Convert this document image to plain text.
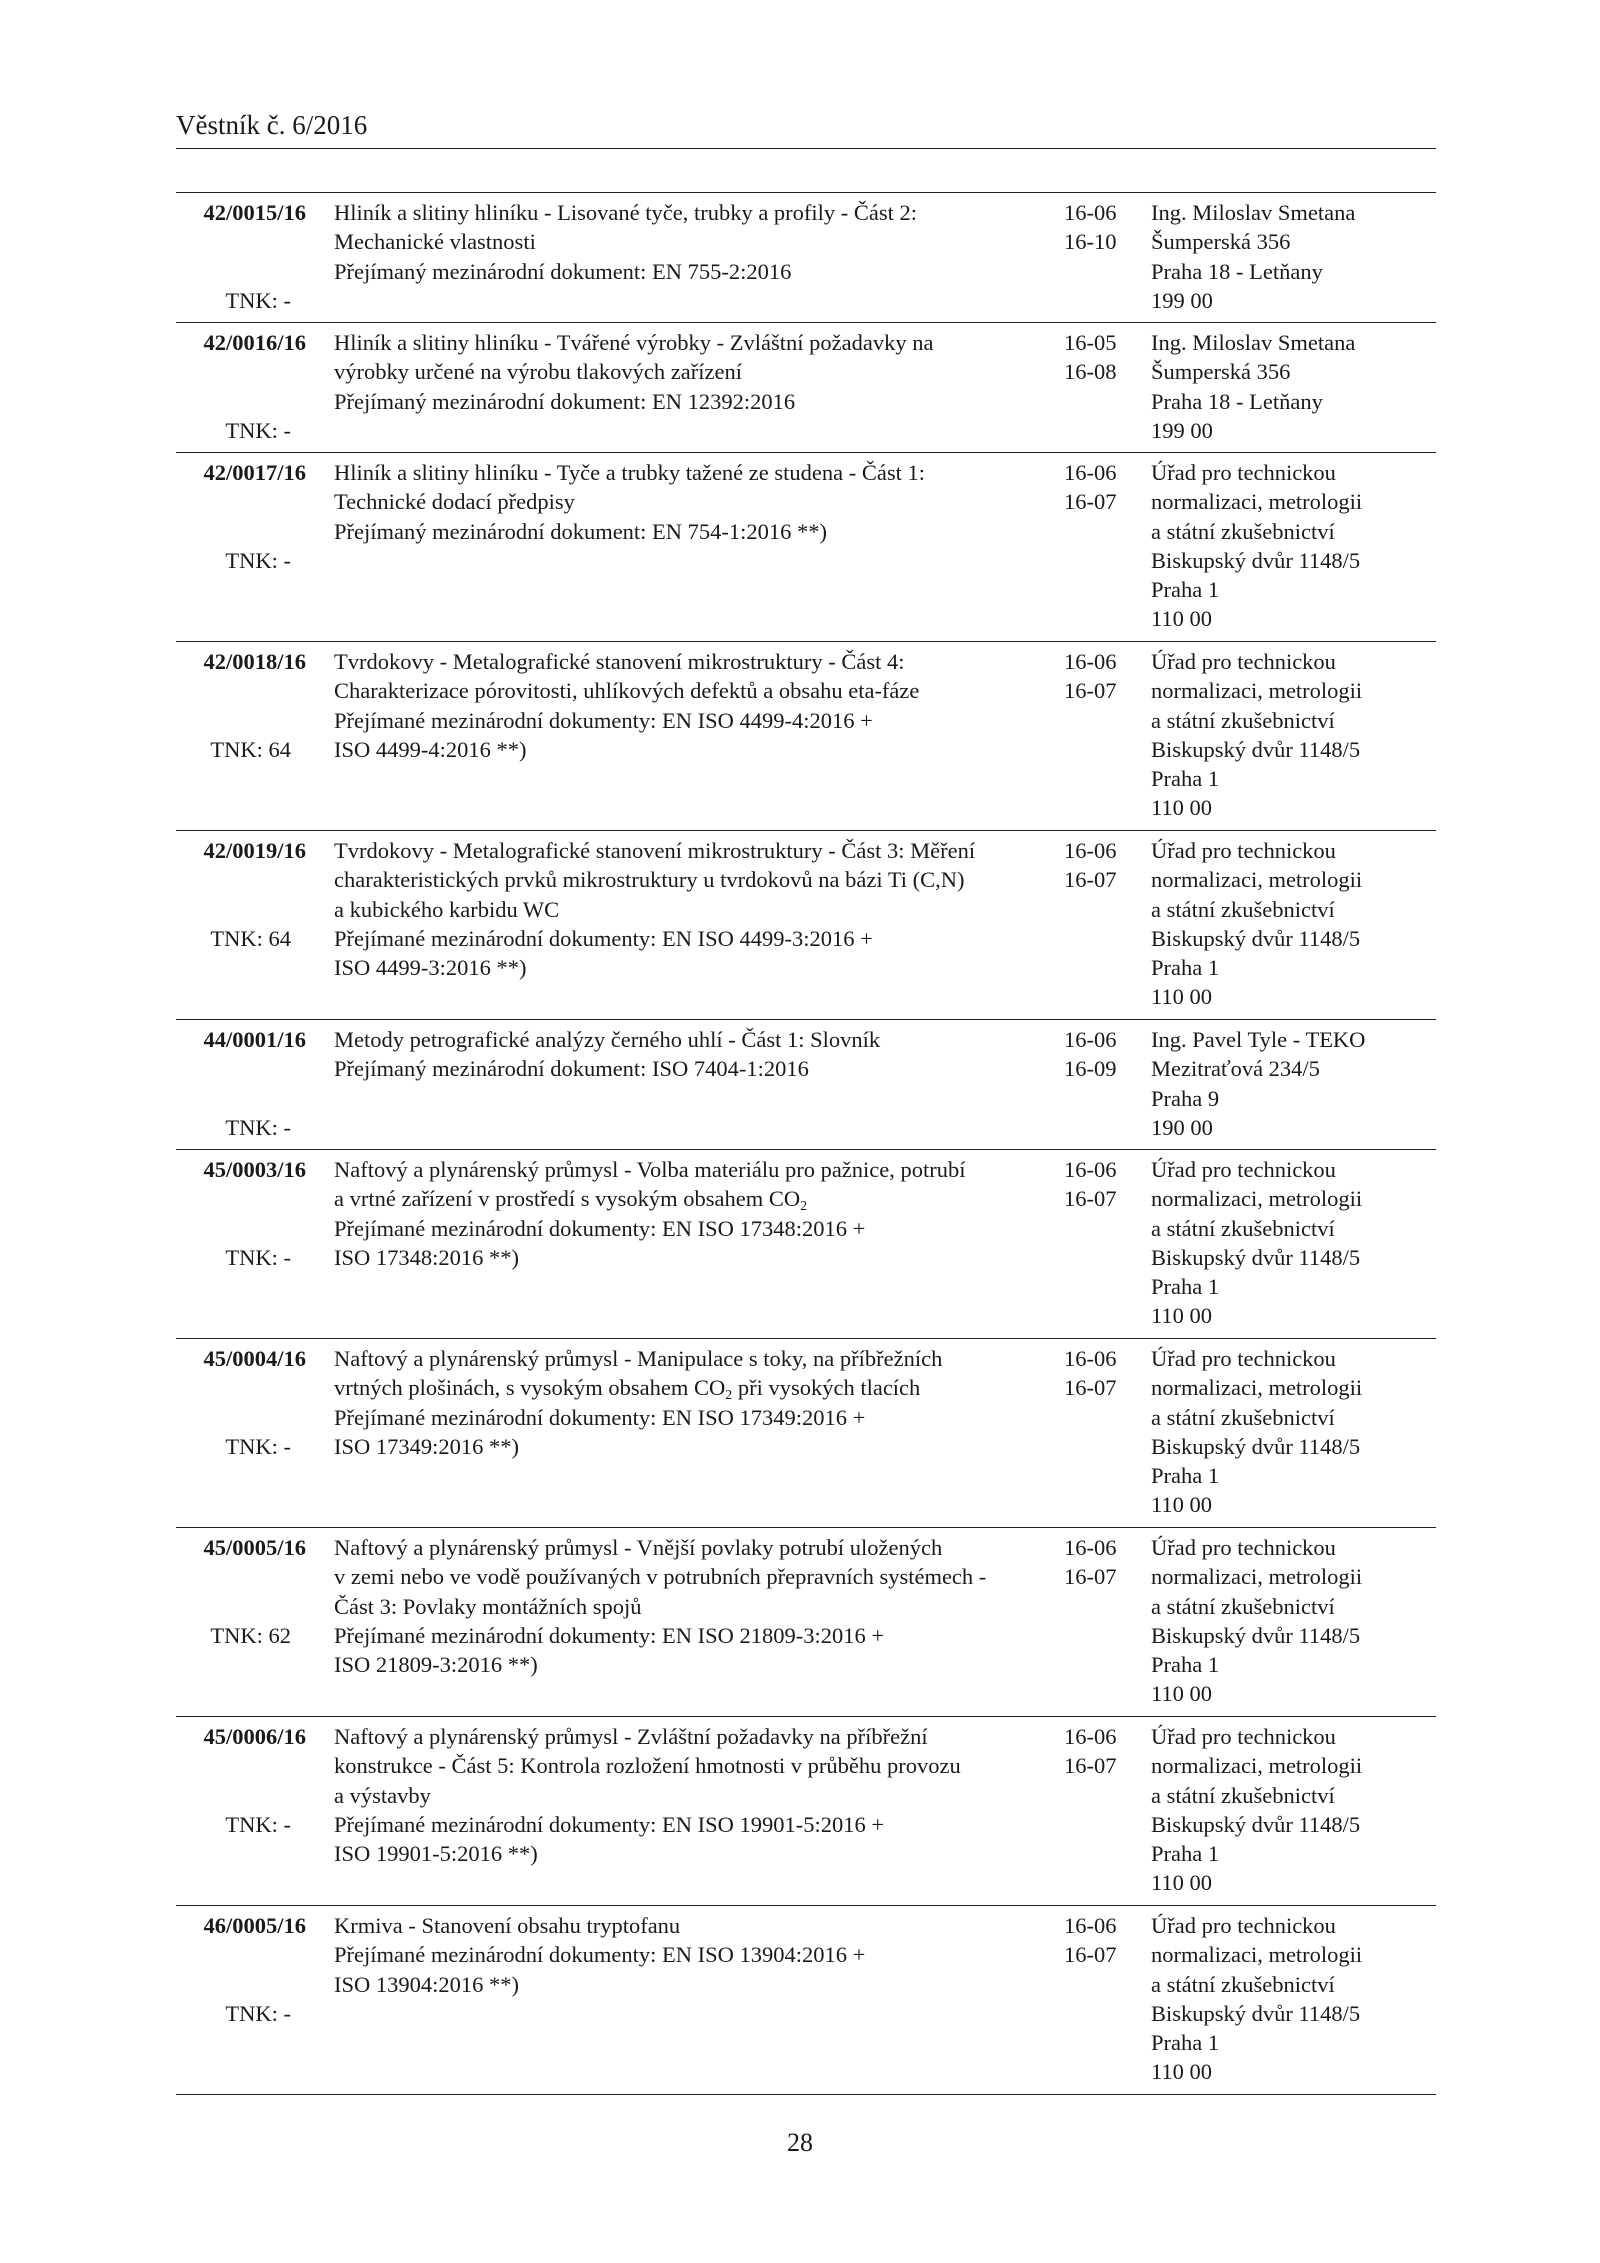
Věstník č. 6/2016
42/0015/16 Hliník a slitiny hliníku - Lisované tyče, trubky a profily - Část 2:
Mechanické vlastnosti
Přejímaný mezinárodní dokument: EN 755-2:2016
16-06
16-10
Ing. Miloslav Smetana
Šumperská 356
Praha 18 - Letňany
199 00
TNK: -
42/0016/16 Hliník a slitiny hliníku - Tvářené výrobky - Zvláštní požadavky na
výrobky určené na výrobu tlakových zařízení
Přejímaný mezinárodní dokument: EN 12392:2016
16-05
16-08
Ing. Miloslav Smetana
Šumperská 356
Praha 18 - Letňany
199 00
TNK: -
42/0017/16 Hliník a slitiny hliníku - Tyče a trubky tažené ze studena - Část 1:
Technické dodací předpisy
Přejímaný mezinárodní dokument: EN 754-1:2016 **)
16-06
16-07
Úřad pro technickou
normalizaci, metrologii
a státní zkušebnictví
Biskupský dvůr 1148/5
Praha 1
110 00
TNK: -
42/0018/16 Tvrdokovy - Metalografické stanovení mikrostruktury - Část 4:
Charakterizace pórovitosti, uhlíkových defektů a obsahu eta-fáze
Přejímané mezinárodní dokumenty: EN ISO 4499-4:2016 +
ISO 4499-4:2016 **)
16-06
16-07
Úřad pro technickou
normalizaci, metrologii
a státní zkušebnictví
Biskupský dvůr 1148/5
Praha 1
110 00
TNK: 64
42/0019/16 Tvrdokovy - Metalografické stanovení mikrostruktury - Část 3: Měření
charakteristických prvků mikrostruktury u tvrdokovů na bázi Ti (C,N)
a kubického karbidu WC
Přejímané mezinárodní dokumenty: EN ISO 4499-3:2016 +
ISO 4499-3:2016 **)
16-06
16-07
Úřad pro technickou
normalizaci, metrologii
a státní zkušebnictví
Biskupský dvůr 1148/5
Praha 1
110 00
TNK: 64
44/0001/16 Metody petrografické analýzy černého uhlí - Část 1: Slovník
Přejímaný mezinárodní dokument: ISO 7404-1:2016
16-06
16-09
Ing. Pavel Tyle - TEKO
Mezitraťová 234/5
Praha 9
190 00
TNK: -
45/0003/16 Naftový a plynárenský průmysl - Volba materiálu pro pažnice, potrubí
a vrtné zařízení v prostředí s vysokým obsahem $CO_2$
Přejímané mezinárodní dokumenty: EN ISO 17348:2016 +
ISO 17348:2016 **)
16-06
16-07
Úřad pro technickou
normalizaci, metrologii
a státní zkušebnictví
Biskupský dvůr 1148/5
Praha 1
110 00
TNK: -
45/0004/16 Naftový a plynárenský průmysl - Manipulace s toky, na příbřežních
vrtných plošinách, s vysokým obsahem $CO_2$ při vysokých tlacích
Přejímané mezinárodní dokumenty: EN ISO 17349:2016 +
ISO 17349:2016 **)
16-06
16-07
Úřad pro technickou
normalizaci, metrologii
a státní zkušebnictví
Biskupský dvůr 1148/5
Praha 1
110 00
TNK: -
45/0005/16 Naftový a plynárenský průmysl - Vnější povlaky potrubí uložených
v zemi nebo ve vodě používaných v potrubních přepravních systémech -
Část 3: Povlaky montážních spojů
Přejímané mezinárodní dokumenty: EN ISO 21809-3:2016 +
ISO 21809-3:2016 **)
16-06
16-07
Úřad pro technickou
normalizaci, metrologii
a státní zkušebnictví
Biskupský dvůr 1148/5
Praha 1
110 00
TNK: 62
45/0006/16 Naftový a plynárenský průmysl - Zvláštní požadavky na příbřežní
konstrukce - Část 5: Kontrola rozložení hmotnosti v průběhu provozu
a výstavby
Přejímané mezinárodní dokumenty: EN ISO 19901-5:2016 +
ISO 19901-5:2016 **)
16-06
16-07
Úřad pro technickou
normalizaci, metrologii
a státní zkušebnictví
Biskupský dvůr 1148/5
Praha 1
110 00
TNK: -
46/0005/16 Krmiva - Stanovení obsahu tryptofanu
Přejímané mezinárodní dokumenty: EN ISO 13904:2016 +
ISO 13904:2016 **)
16-06
16-07
Úřad pro technickou
normalizaci, metrologii
a státní zkušebnictví
Biskupský dvůr 1148/5
Praha 1
110 00
TNK: -
28
